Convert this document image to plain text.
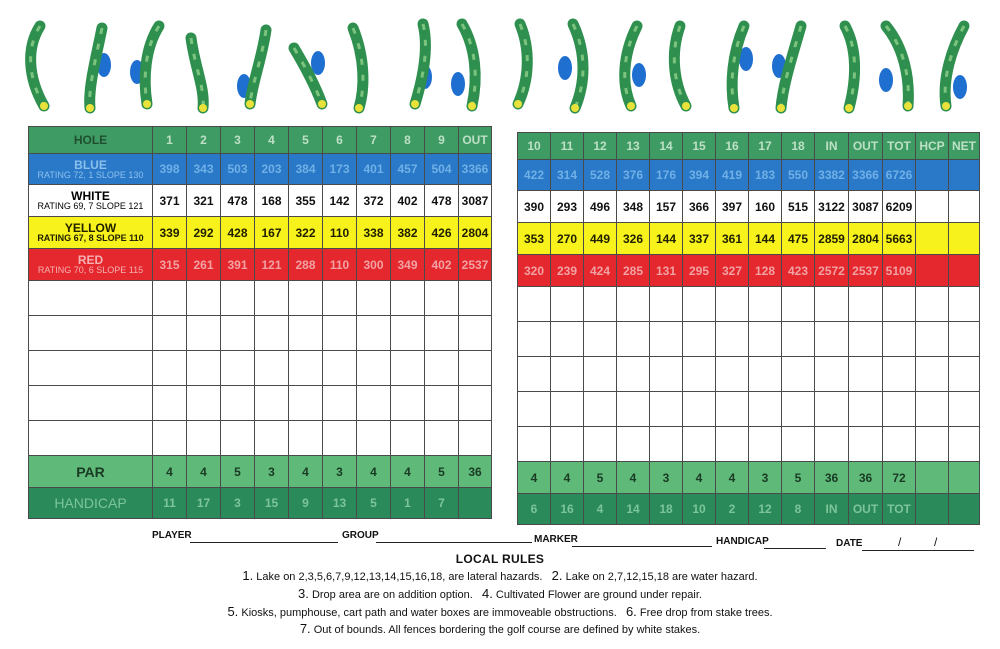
HOLE	1	2	3	4	5	6	7	8	9	OUT

BLUE
RATING 72, 1 SLOPE 130	398	343	503	203	384	173	401	457	504	3366

WHITE
RATING 69, 7 SLOPE 121	371	321	478	168	355	142	372	402	478	3087

YELLOW
RATING 67, 8 SLOPE 110	339	292	428	167	322	110	338	382	426	2804

RED
RATING 70, 6 SLOPE 115	315	261	391	121	288	110	300	349	402	2537

PAR	4	4	5	3	4	3	4	4	5	36
HANDICAP	11	17	3	15	9	13	5	1	7	
10	11	12	13	14	15	16	17	18	IN	OUT	TOT	HCP	NET
422	314	528	376	176	394	419	183	550	3382	3366	6726		
390	293	496	348	157	366	397	160	515	3122	3087	6209		
353	270	449	326	144	337	361	144	475	2859	2804	5663		
320	239	424	285	131	295	327	128	423	2572	2537	5109		

4	4	5	4	3	4	4	3	5	36	36	72		
6	16	4	14	18	10	2	12	8	IN	OUT	TOT		
PLAYER	GROUP	MARKER	HANDICAP	DATE	/	/
LOCAL RULES
1. Lake on 2,3,5,6,7,9,12,13,14,15,16,18, are lateral hazards. 2. Lake on 2,7,12,15,18 are water hazard.
3. Drop area are on addition option. 4. Cultivated Flower are ground under repair.
5. Kiosks, pumphouse, cart path and water boxes are immoveable obstructions. 6. Free drop from stake trees.
7. Out of bounds. All fences bordering the golf course are defined by white stakes.
